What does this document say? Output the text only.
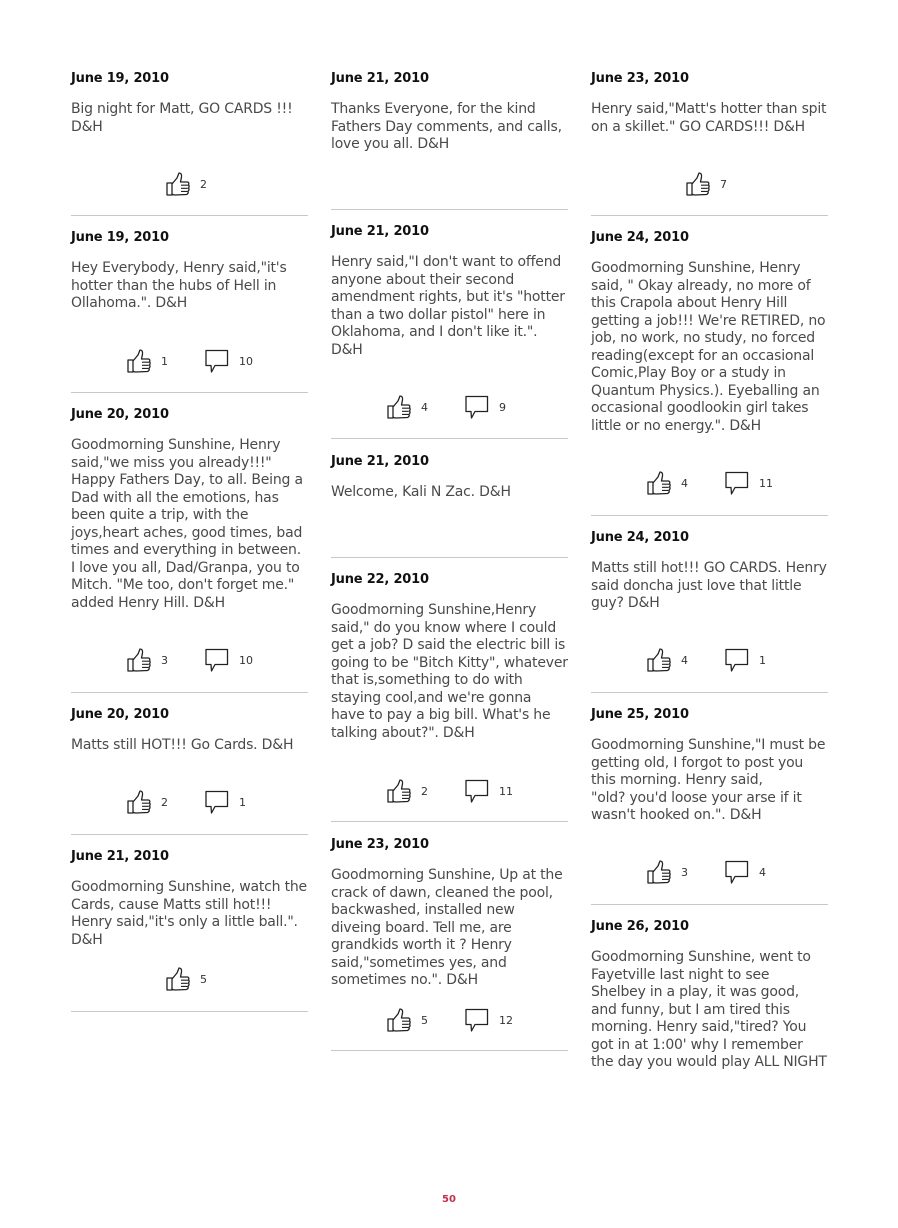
June 19, 2010

Big night for Matt, GO CARDS !!! D&H

2
June 19, 2010

Hey Everybody, Henry said,"it's hotter than the hubs of Hell in Ollahoma.". D&H

1	10
June 20, 2010

Goodmorning Sunshine, Henry said,"we miss you already!!!" Happy Fathers Day, to all. Being a Dad with all the emotions, has been quite a trip, with the joys,heart aches, good times, bad times and everything in between. I love you all, Dad/Granpa, you to Mitch. "Me too, don't forget me." added Henry Hill. D&H

3	10
June 20, 2010

Matts still HOT!!! Go Cards. D&H

2	1
June 21, 2010

Goodmorning Sunshine, watch the Cards, cause Matts still hot!!! Henry said,"it's only a little ball.". D&H

5
June 21, 2010

Thanks Everyone, for the kind Fathers Day comments, and calls, love you all. D&H

June 21, 2010

Henry said,"I don't want to offend anyone about their second amendment rights, but it's "hotter than a two dollar pistol" here in Oklahoma, and I don't like it.". D&H

4	9
June 21, 2010

Welcome, Kali N Zac. D&H

June 22, 2010

Goodmorning Sunshine,Henry said," do you know where I could get a job? D said the electric bill is going to be "Bitch Kitty", whatever that is,something to do with staying cool,and we're gonna have to pay a big bill. What's he talking about?". D&H

2	11
June 23, 2010

Goodmorning Sunshine, Up at the crack of dawn, cleaned the pool, backwashed, installed new diveing board. Tell me, are grandkids worth it ? Henry said,"sometimes yes, and sometimes no.". D&H

5	12
June 23, 2010

Henry said,"Matt's hotter than spit on a skillet." GO CARDS!!! D&H

7
June 24, 2010

Goodmorning Sunshine, Henry said, " Okay already, no more of this Crapola about Henry Hill getting a job!!! We're RETIRED, no job, no work, no study, no forced reading(except for an occasional Comic,Play Boy or a study in Quantum Physics.). Eyeballing an occasional goodlookin girl takes little or no energy.". D&H

4	11
June 24, 2010

Matts still hot!!! GO CARDS. Henry said doncha just love that little guy? D&H

4	1
June 25, 2010

Goodmorning Sunshine,"I must be getting old, I forgot to post you this morning. Henry said,
"old? you'd loose your arse if it wasn't hooked on.". D&H

3	4
June 26, 2010

Goodmorning Sunshine, went to Fayetville last night to see Shelbey in a play, it was good, and funny, but I am tired this morning. Henry said,"tired? You got in at 1:00' why I remember the day you would play ALL NIGHT

50
